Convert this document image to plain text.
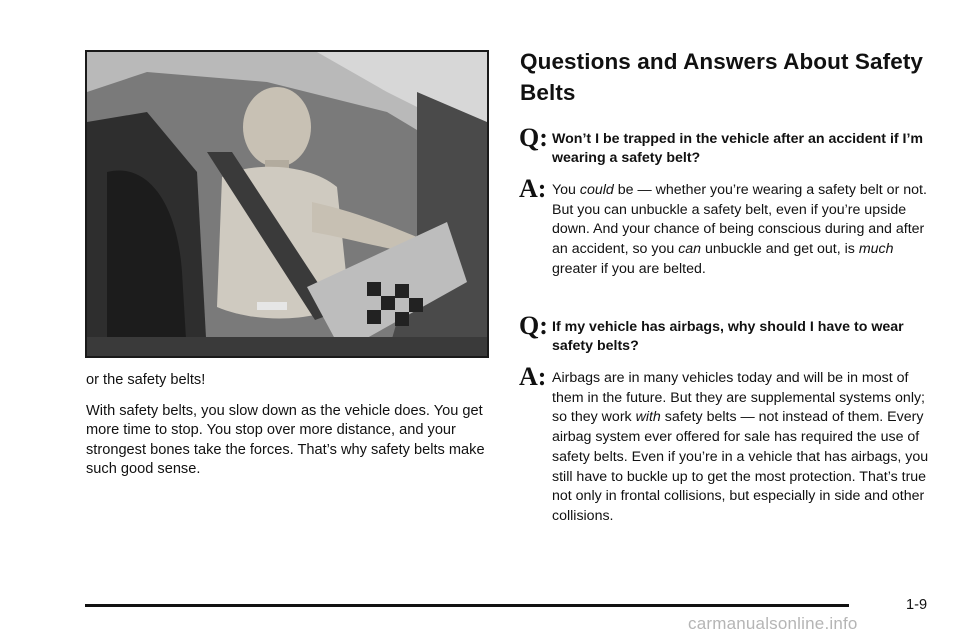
or the safety belts!

With safety belts, you slow down as the vehicle does. You get more time to stop. You stop over more distance, and your strongest bones take the forces. That’s why safety belts make such good sense.

Questions and Answers About Safety Belts
Q: Won’t I be trapped in the vehicle after an accident if I’m wearing a safety belt?
A: You could be — whether you’re wearing a safety belt or not. But you can unbuckle a safety belt, even if you’re upside down. And your chance of being conscious during and after an accident, so you can unbuckle and get out, is much greater if you are belted.
Q: If my vehicle has airbags, why should I have to wear safety belts?
A: Airbags are in many vehicles today and will be in most of them in the future. But they are supplemental systems only; so they work with safety belts — not instead of them. Every airbag system ever offered for sale has required the use of safety belts. Even if you’re in a vehicle that has airbags, you still have to buckle up to get the most protection. That’s true not only in frontal collisions, but especially in side and other collisions.
1-9
carmanualsonline.info
